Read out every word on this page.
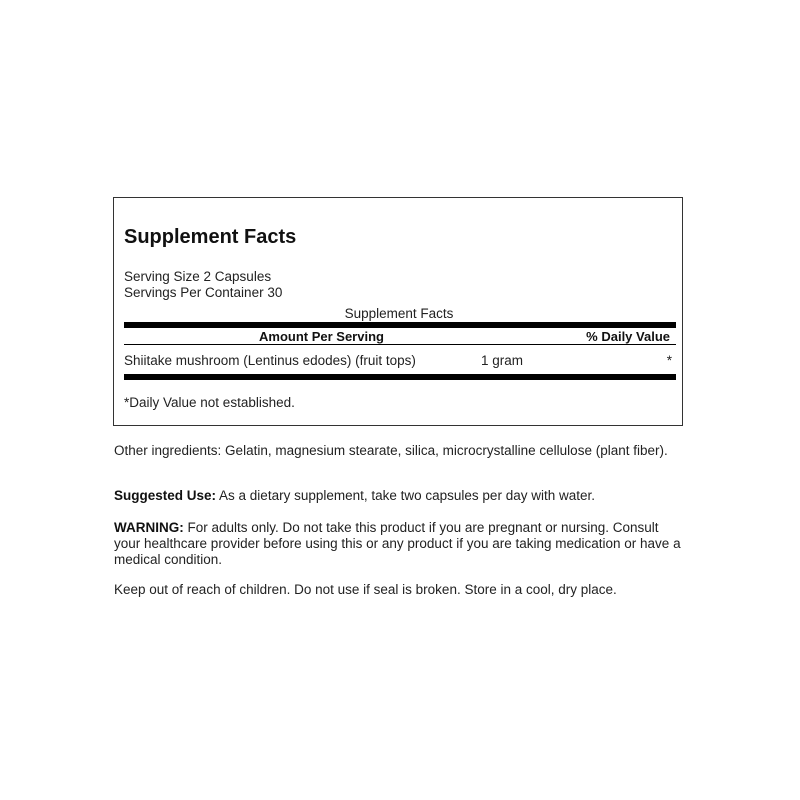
Supplement Facts
Serving Size 2 Capsules
Servings Per Container 30
Supplement Facts
Amount Per Serving	% Daily Value
Shiitake mushroom (Lentinus edodes) (fruit tops)	1 gram	*
*Daily Value not established.
Other ingredients: Gelatin, magnesium stearate, silica, microcrystalline cellulose (plant fiber).
Suggested Use: As a dietary supplement, take two capsules per day with water.
WARNING: For adults only. Do not take this product if you are pregnant or nursing. Consult your healthcare provider before using this or any product if you are taking medication or have a medical condition.
Keep out of reach of children. Do not use if seal is broken. Store in a cool, dry place.
